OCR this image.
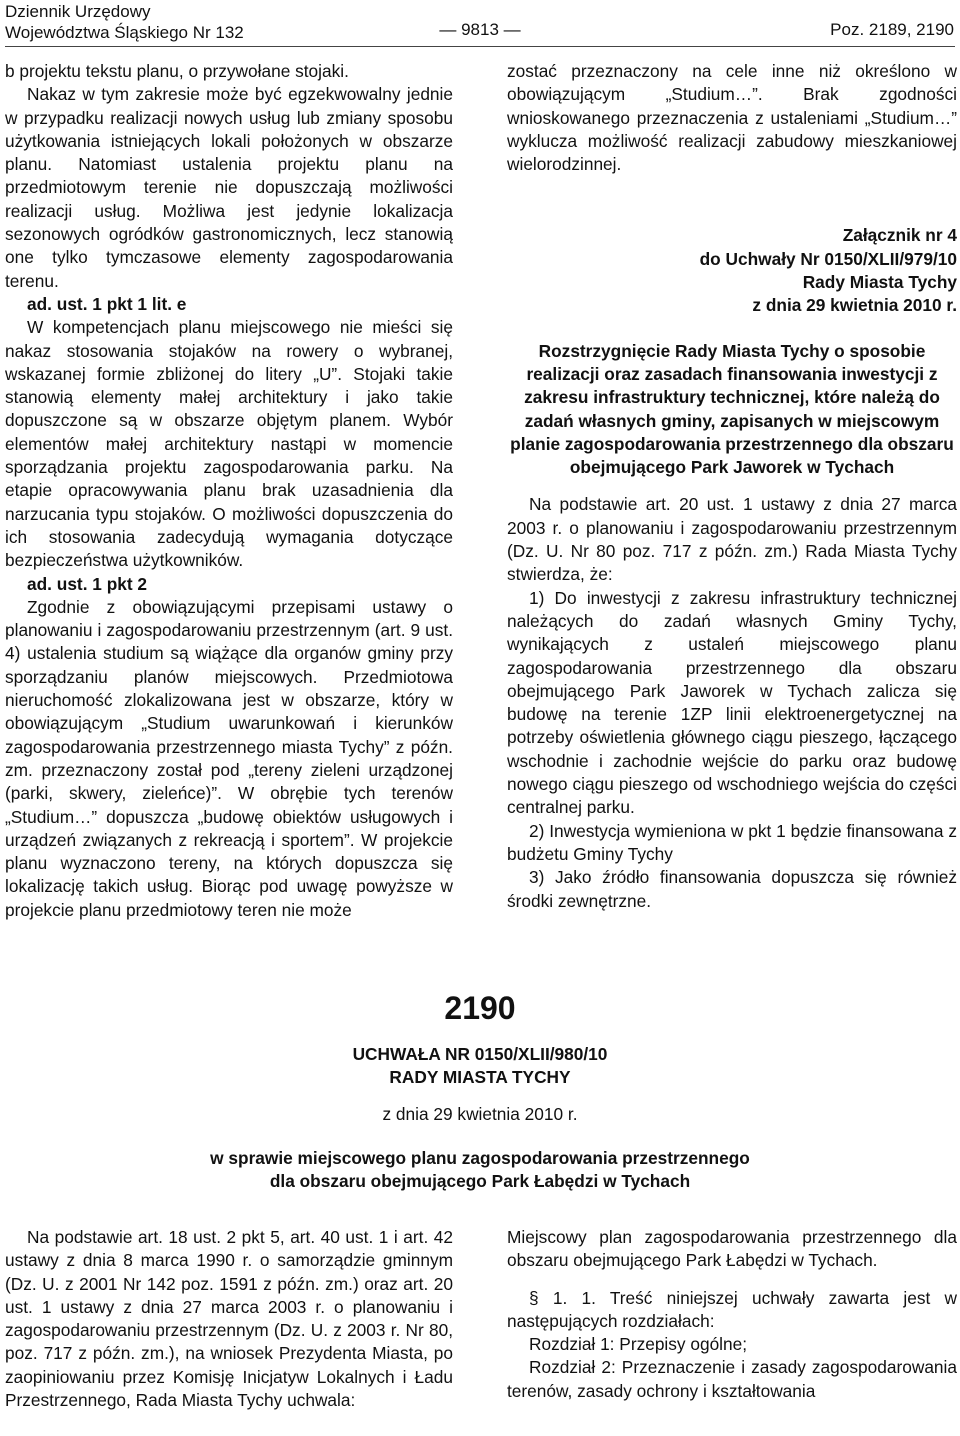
Dziennik Urzędowy
Województwa Śląskiego Nr 132	— 9813 —	Poz. 2189, 2190

b projektu tekstu planu, o przywołane stojaki.

Nakaz w tym zakresie może być egzekwowalny jednie w przypadku realizacji nowych usług lub zmiany sposobu użytkowania istniejących lokali położonych w obszarze planu. Natomiast ustalenia projektu planu na przedmiotowym terenie nie dopuszczają możliwości realizacji usług. Możliwa jest jedynie lokalizacja sezonowych ogródków gastronomicznych, lecz stanowią one tylko tymczasowe elementy zagospodarowania terenu.

ad. ust. 1 pkt 1 lit. e

W kompetencjach planu miejscowego nie mieści się nakaz stosowania stojaków na rowery o wybranej, wskazanej formie zbliżonej do litery „U”. Stojaki takie stanowią elementy małej architektury i jako takie dopuszczone są w obszarze objętym planem. Wybór elementów małej architektury nastąpi w momencie sporządzania projektu zagospodarowania parku. Na etapie opracowywania planu brak uzasadnienia dla narzucania typu stojaków. O możliwości dopuszczenia do ich stosowania zadecydują wymagania dotyczące bezpieczeństwa użytkowników.

ad. ust. 1 pkt 2

Zgodnie z obowiązującymi przepisami ustawy o planowaniu i zagospodarowaniu przestrzennym (art. 9 ust. 4) ustalenia studium są wiążące dla organów gminy przy sporządzaniu planów miejscowych. Przedmiotowa nieruchomość zlokalizowana jest w obszarze, który w obowiązującym „Studium uwarunkowań i kierunków zagospodarowania przestrzennego miasta Tychy” z późn. zm. przeznaczony został pod „tereny zieleni urządzonej (parki, skwery, zieleńce)”. W obrębie tych terenów „Studium…” dopuszcza „budowę obiektów usługowych i urządzeń związanych z rekreacją i sportem”. W projekcie planu wyznaczono tereny, na których dopuszcza się lokalizację takich usług. Biorąc pod uwagę powyższe w projekcie planu przedmiotowy teren nie może

zostać przeznaczony na cele inne niż określono w obowiązującym „Studium…”. Brak zgodności wnioskowanego przeznaczenia z ustaleniami „Studium…” wyklucza możliwość realizacji zabudowy mieszkaniowej wielorodzinnej.

Załącznik nr 4
do Uchwały Nr 0150/XLII/979/10
Rady Miasta Tychy
z dnia 29 kwietnia 2010 r.

Rozstrzygnięcie Rady Miasta Tychy o sposobie realizacji oraz zasadach finansowania inwestycji z zakresu infrastruktury technicznej, które należą do zadań własnych gminy, zapisanych w miejscowym planie zagospodarowania przestrzennego dla obszaru obejmującego Park Jaworek w Tychach

Na podstawie art. 20 ust. 1 ustawy z dnia 27 marca 2003 r. o planowaniu i zagospodarowaniu przestrzennym (Dz. U. Nr 80 poz. 717 z późn. zm.) Rada Miasta Tychy stwierdza, że:

1) Do inwestycji z zakresu infrastruktury technicznej należących do zadań własnych Gminy Tychy, wynikających z ustaleń miejscowego planu zagospodarowania przestrzennego dla obszaru obejmującego Park Jaworek w Tychach zalicza się budowę na terenie 1ZP linii elektroenergetycznej na potrzeby oświetlenia głównego ciągu pieszego, łączącego wschodnie i zachodnie wejście do parku oraz budowę nowego ciągu pieszego od wschodniego wejścia do części centralnej parku.

2) Inwestycja wymieniona w pkt 1 będzie finansowana z budżetu Gminy Tychy

3) Jako źródło finansowania dopuszcza się również środki zewnętrzne.

2190

UCHWAŁA NR 0150/XLII/980/10
RADY MIASTA TYCHY
z dnia 29 kwietnia 2010 r.
w sprawie miejscowego planu zagospodarowania przestrzennego
dla obszaru obejmującego Park Łabędzi w Tychach

Na podstawie art. 18 ust. 2 pkt 5, art. 40 ust. 1 i art. 42 ustawy z dnia 8 marca 1990 r. o samorządzie gminnym (Dz. U. z 2001 Nr 142 poz. 1591 z późn. zm.) oraz art. 20 ust. 1 ustawy z dnia 27 marca 2003 r. o planowaniu i zagospodarowaniu przestrzennym (Dz. U. z 2003 r. Nr 80, poz. 717 z późn. zm.), na wniosek Prezydenta Miasta, po zaopiniowaniu przez Komisję Inicjatyw Lokalnych i Ładu Przestrzennego, Rada Miasta Tychy uchwala:

Miejscowy plan zagospodarowania przestrzennego dla obszaru obejmującego Park Łabędzi w Tychach.

§ 1. 1. Treść niniejszej uchwały zawarta jest w następujących rozdziałach:

Rozdział 1: Przepisy ogólne;

Rozdział 2: Przeznaczenie i zasady zagospodarowania terenów, zasady ochrony i kształtowania
